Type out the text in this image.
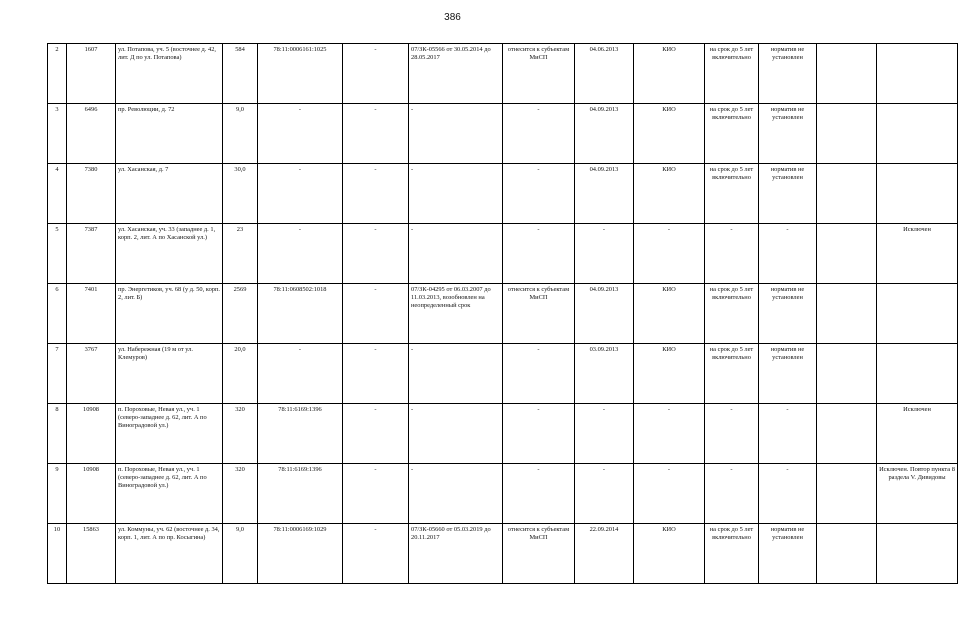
386
2	1607	ул. Потапова, уч. 5 (восточнее д. 42, лит. Д по ул. Потапова)	584	78:11:0006161:1025	-	07/ЗК-05566 от 30.05.2014 до 28.05.2017	отнесится к субъектам МиСП	04.06.2013	КИО	на срок до 5 лет включительно	норматив не установлен		
3	6496	пр. Революции, д. 72	9,0	-	-	-	-	04.09.2013	КИО	на срок до 5 лет включительно	норматив не установлен		
4	7380	ул. Хасанская, д. 7	30,0	-	-	-	-	04.09.2013	КИО	на срок до 5 лет включительно	норматив не установлен		
5	7387	ул. Хасанская, уч. 33 (западнее д. 1, корп. 2, лит. А по Хасанской ул.)	23	-	-	-	-	-	-	-	-		Исключен
6	7401	пр. Энергетиков, уч. 68 (у д. 50, корп. 2, лит. Б)	2569	78:11:0608502:1018	-	07/ЗК-04295 от 06.03.2007 до 11.03.2013, возобновлен на неопределенный срок	отнесится к субъектам МиСП	04.09.2013	КИО	на срок до 5 лет включительно	норматив не установлен		
7	3767	ул. Набережная (19 м от ул. Клемуров)	20,0	-	-	-	-	03.09.2013	КИО	на срок до 5 лет включительно	норматив не установлен		
8	10908	п. Пороховые, Невая ул., уч. 1 (северо-западнее д. 62, лит. А по Виноградовой ул.)	320	78:11:6169:1396	-	-	-	-	-	-	-		Исключен
9	10908	п. Пороховые, Невая ул., уч. 1 (северо-западнее д. 62, лит. А по Виноградовой ул.)	320	78:11:6169:1396	-	-	-	-	-	-	-		Исключен. Повтор пункта 8 раздела V. Дивидовы
10	15863	ул. Коммуны, уч. 62 (восточнее д. 34, корп. 1, лит. А по пр. Косыгина)	9,0	78:11:0006169:1029	-	07/ЗК-05660 от 05.03.2019 до 20.11.2017	отнесится к субъектам МиСП	22.09.2014	КИО	на срок до 5 лет включительно	норматив не установлен		
